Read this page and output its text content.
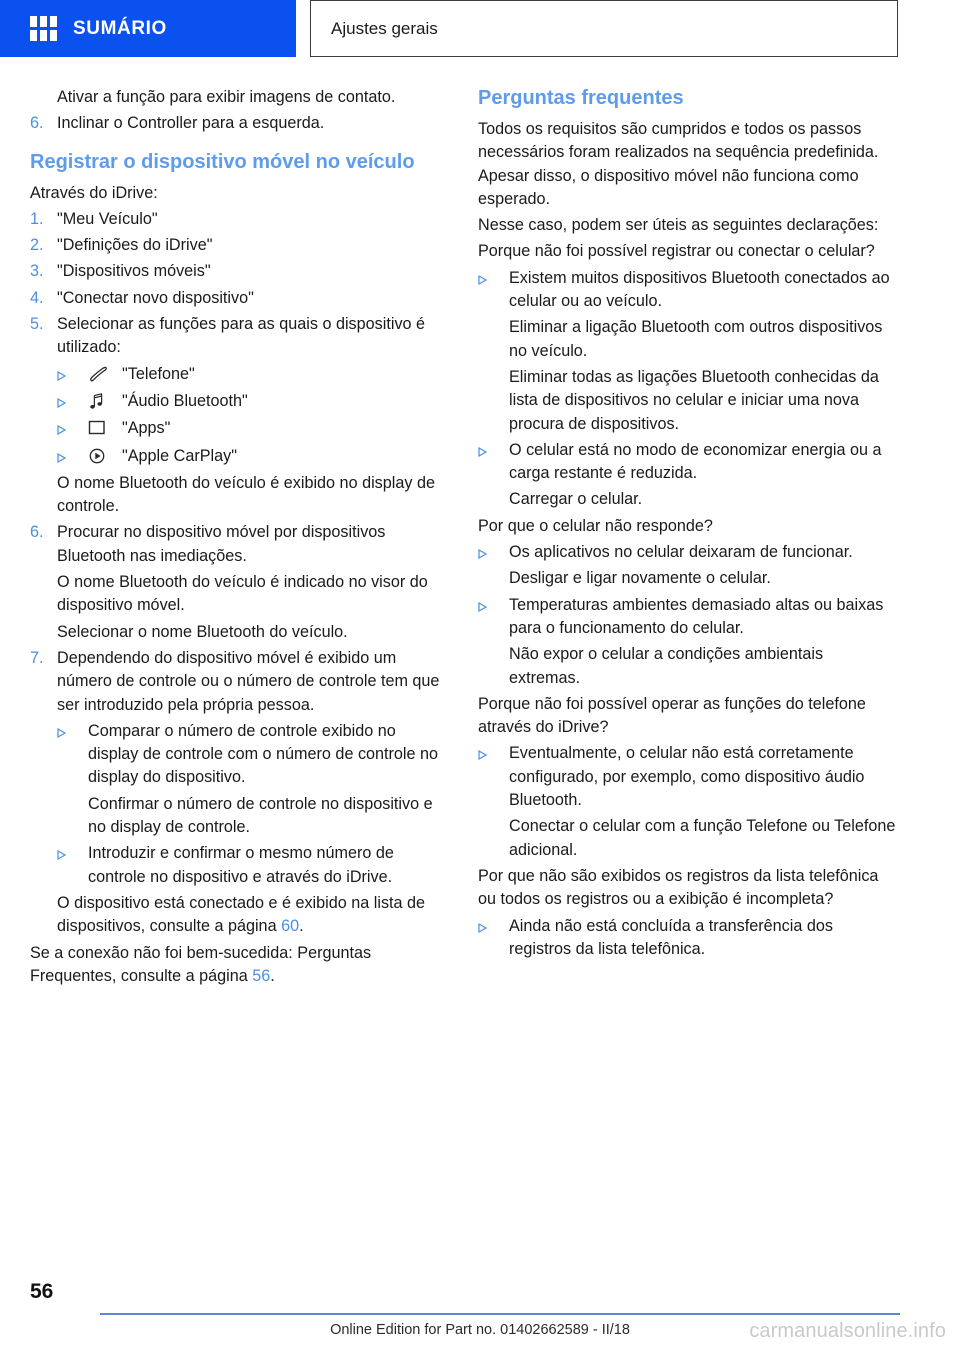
SUMÁRIO	Ajustes gerais

Ativar a função para exibir imagens de contato.

6. Inclinar o Controller para a esquerda.
Registrar o dispositivo móvel no veículo

Através do iDrive:

1. "Meu Veículo"
2. "Definições do iDrive"
3. "Dispositivos móveis"
4. "Conectar novo dispositivo"
5. Selecionar as funções para as quais o dispositivo é utilizado:
"Telefone"
"Áudio Bluetooth"
"Apps"
"Apple CarPlay"

O nome Bluetooth do veículo é exibido no display de controle.

6. Procurar no dispositivo móvel por dispositivos Bluetooth nas imediações.

O nome Bluetooth do veículo é indicado no visor do dispositivo móvel.

Selecionar o nome Bluetooth do veículo.

7. Dependendo do dispositivo móvel é exibido um número de controle ou o número de controle tem que ser introduzido pela própria pessoa.
Comparar o número de controle exibido no display de controle com o número de controle no display do dispositivo.
Confirmar o número de controle no dispositivo e no display de controle.
Introduzir e confirmar o mesmo número de controle no dispositivo e através do iDrive.

O dispositivo está conectado e é exibido na lista de dispositivos, consulte a página 60.

Se a conexão não foi bem-sucedida: Perguntas Frequentes, consulte a página 56.

Perguntas frequentes

Todos os requisitos são cumpridos e todos os passos necessários foram realizados na sequência predefinida. Apesar disso, o dispositivo móvel não funciona como esperado.

Nesse caso, podem ser úteis as seguintes declarações:

Porque não foi possível registrar ou conectar o celular?

Existem muitos dispositivos Bluetooth conectados ao celular ou ao veículo.

Eliminar a ligação Bluetooth com outros dispositivos no veículo.

Eliminar todas as ligações Bluetooth conhecidas da lista de dispositivos no celular e iniciar uma nova procura de dispositivos.

O celular está no modo de economizar energia ou a carga restante é reduzida.

Carregar o celular.

Por que o celular não responde?

Os aplicativos no celular deixaram de funcionar.

Desligar e ligar novamente o celular.

Temperaturas ambientes demasiado altas ou baixas para o funcionamento do celular.

Não expor o celular a condições ambientais extremas.

Porque não foi possível operar as funções do telefone através do iDrive?

Eventualmente, o celular não está corretamente configurado, por exemplo, como dispositivo áudio Bluetooth.

Conectar o celular com a função Telefone ou Telefone adicional.

Por que não são exibidos os registros da lista telefônica ou todos os registros ou a exibição é incompleta?

Ainda não está concluída a transferência dos registros da lista telefônica.
56
Online Edition for Part no. 01402662589 - II/18	carmanualsonline.info
